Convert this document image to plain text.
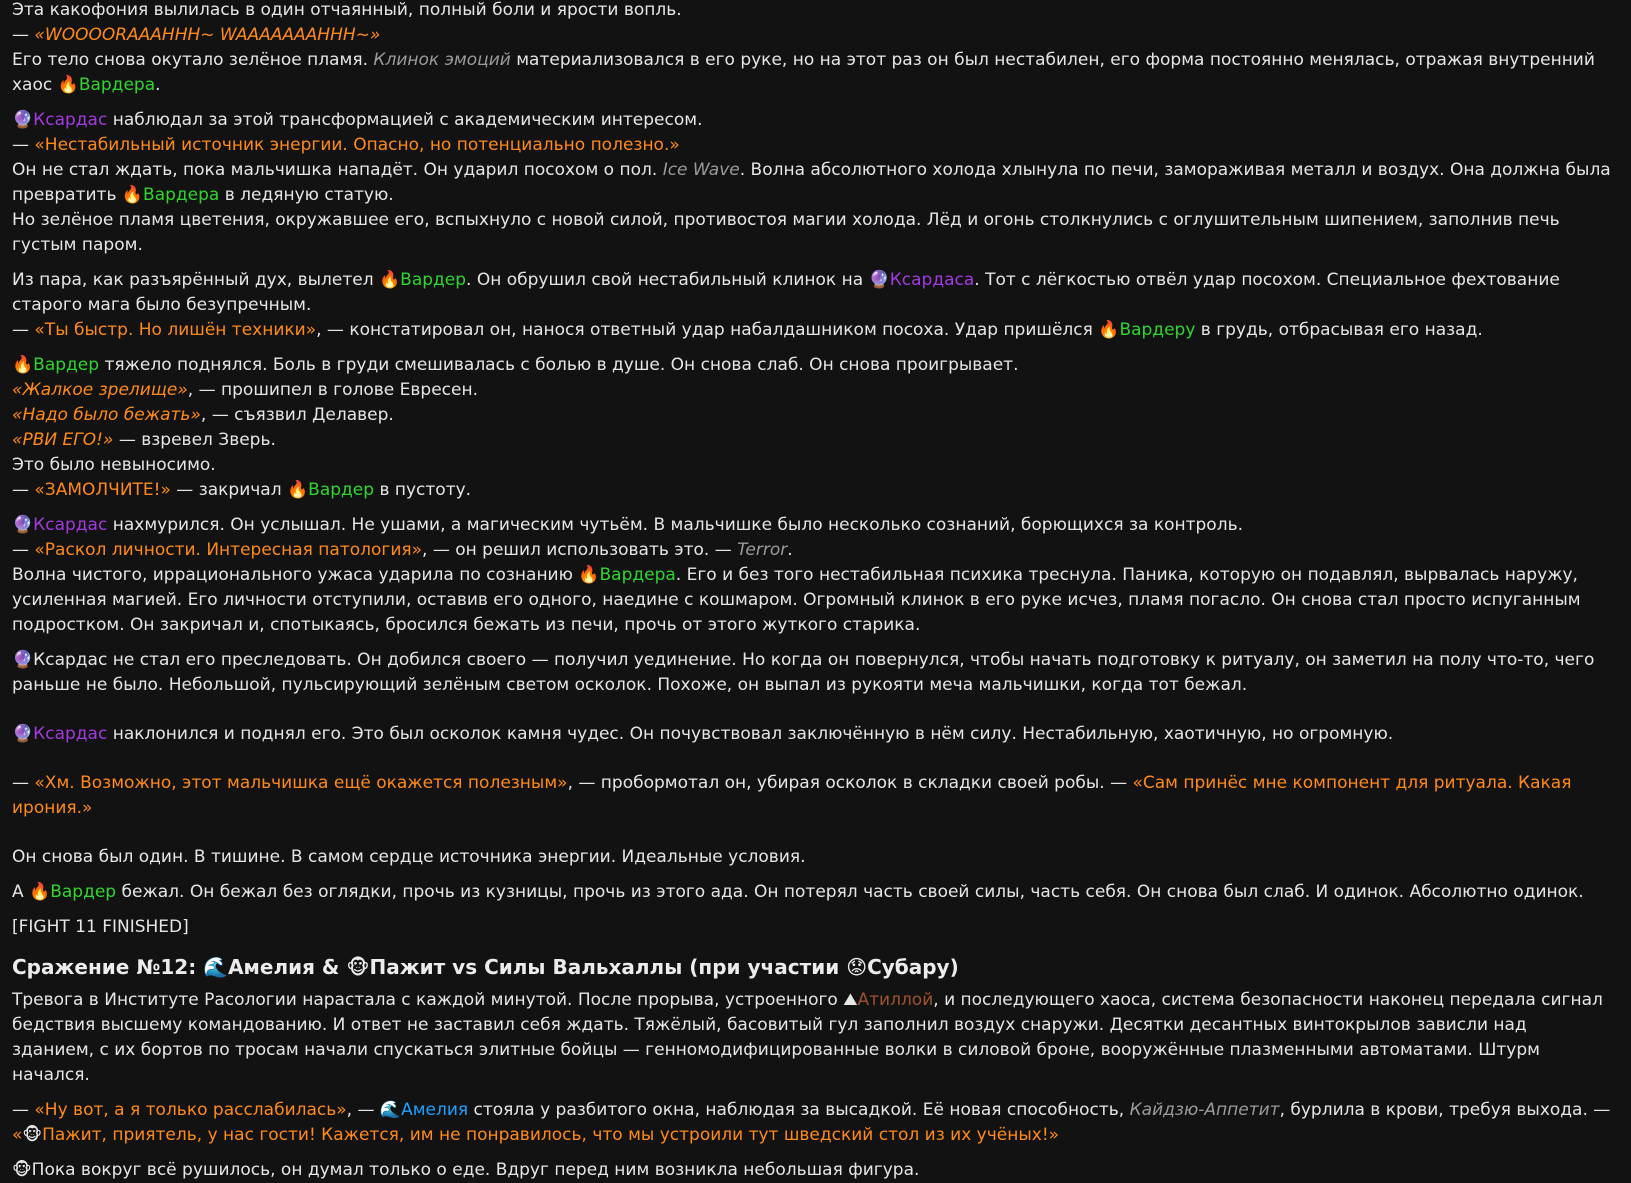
Эта какофония вылилась в один отчаянный, полный боли и ярости вопль.

— «WOOOORAAAHHH~ WAAAAAAAHHH~»

Его тело снова окутало зелёное пламя. Клинок эмоций материализовался в его руке, но на этот раз он был нестабилен, его форма постоянно менялась, отражая внутренний хаос 🔥Вардера.

🔮Ксардас наблюдал за этой трансформацией с академическим интересом.

— «Нестабильный источник энергии. Опасно, но потенциально полезно.»

Он не стал ждать, пока мальчишка нападёт. Он ударил посохом о пол. Ice Wave. Волна абсолютного холода хлынула по печи, замораживая металл и воздух. Она должна была превратить 🔥Вардера в ледяную статую.

Но зелёное пламя цветения, окружавшее его, вспыхнуло с новой силой, противостоя магии холода. Лёд и огонь столкнулись с оглушительным шипением, заполнив печь густым паром.

Из пара, как разъярённый дух, вылетел 🔥Вардер. Он обрушил свой нестабильный клинок на 🔮Ксардаса. Тот с лёгкостью отвёл удар посохом. Специальное фехтование старого мага было безупречным.

— «Ты быстр. Но лишён техники», — констатировал он, нанося ответный удар набалдашником посоха. Удар пришёлся 🔥Вардеру в грудь, отбрасывая его назад.

🔥Вардер тяжело поднялся. Боль в груди смешивалась с болью в душе. Он снова слаб. Он снова проигрывает.

«Жалкое зрелище», — прошипел в голове Евресен.

«Надо было бежать», — съязвил Делавер.

«РВИ ЕГО!» — взревел Зверь.

Это было невыносимо.

— «ЗАМОЛЧИТЕ!» — закричал 🔥Вардер в пустоту.

🔮Ксардас нахмурился. Он услышал. Не ушами, а магическим чутьём. В мальчишке было несколько сознаний, борющихся за контроль.

— «Раскол личности. Интересная патология», — он решил использовать это. — Terror.

Волна чистого, иррационального ужаса ударила по сознанию 🔥Вардера. Его и без того нестабильная психика треснула. Паника, которую он подавлял, вырвалась наружу, усиленная магией. Его личности отступили, оставив его одного, наедине с кошмаром. Огромный клинок в его руке исчез, пламя погасло. Он снова стал просто испуганным подростком. Он закричал и, спотыкаясь, бросился бежать из печи, прочь от этого жуткого старика.

🔮Ксардас не стал его преследовать. Он добился своего — получил уединение. Но когда он повернулся, чтобы начать подготовку к ритуалу, он заметил на полу что-то, чего раньше не было. Небольшой, пульсирующий зелёным светом осколок. Похоже, он выпал из рукояти меча мальчишки, когда тот бежал.

🔮Ксардас наклонился и поднял его. Это был осколок камня чудес. Он почувствовал заключённую в нём силу. Нестабильную, хаотичную, но огромную.

— «Хм. Возможно, этот мальчишка ещё окажется полезным», — пробормотал он, убирая осколок в складки своей робы. — «Сам принёс мне компонент для ритуала. Какая ирония.»

Он снова был один. В тишине. В самом сердце источника энергии. Идеальные условия.

А 🔥Вардер бежал. Он бежал без оглядки, прочь из кузницы, прочь из этого ада. Он потерял часть своей силы, часть себя. Он снова был слаб. И одинок. Абсолютно одинок.

[FIGHT 11 FINISHED]

Сражение №12: 🌊Амелия & 🐵Пажит vs Силы Вальхаллы (при участии 😟Субару)

Тревога в Институте Расологии нарастала с каждой минутой. После прорыва, устроенного ⛰Атиллой, и последующего хаоса, система безопасности наконец передала сигнал бедствия высшему командованию. И ответ не заставил себя ждать. Тяжёлый, басовитый гул заполнил воздух снаружи. Десятки десантных винтокрылов зависли над зданием, с их бортов по тросам начали спускаться элитные бойцы — генномодифицированные волки в силовой броне, вооружённые плазменными автоматами. Штурм начался.

— «Ну вот, а я только расслабилась», — 🌊Амелия стояла у разбитого окна, наблюдая за высадкой. Её новая способность, Кайдзю-Аппетит, бурлила в крови, требуя выхода. — «🐵Пажит, приятель, у нас гости! Кажется, им не понравилось, что мы устроили тут шведский стол из их учёных!»

🐵Пока вокруг всё рушилось, он думал только о еде. Вдруг перед ним возникла небольшая фигура.
